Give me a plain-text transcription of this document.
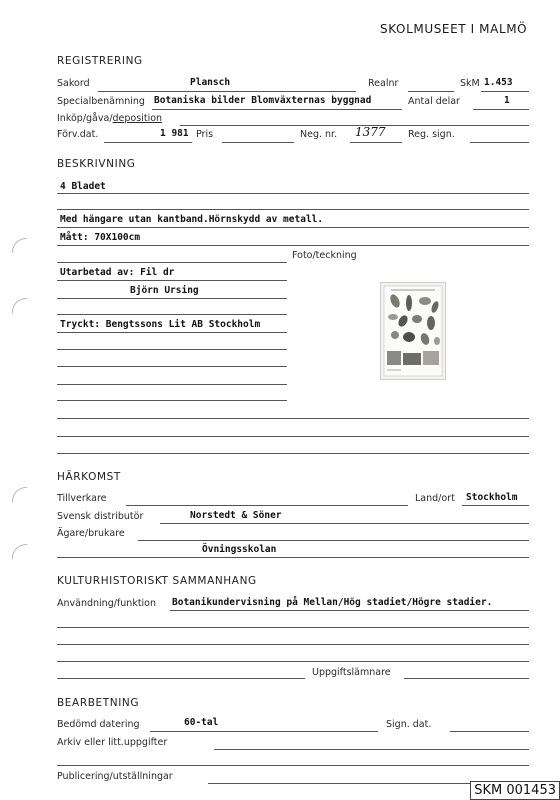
SKOLMUSEET I MALMÖ
REGISTRERING
Sakord	Plansch	Realnr	SkM 1.453
Specialbenämning Botaniska bilder Blomväxternas byggnad	Antal delar	1
Inköp/gåva/deposition
Förv.dat.	1 981 Pris	Neg. nr. 1377 Reg. sign.
BESKRIVNING
4 Bladet
Med hängare utan kantband.Hörnskydd av metall.
Mått: 70X100cm
Foto/teckning
Utarbetad av: Fil dr
Björn Ursing
Tryckt: Bengtssons Lit AB Stockholm
HÄRKOMST
Tillverkare	Land/ort Stockholm
Svensk distributör	Norstedt & Söner
Ägare/brukare
Övningsskolan
KULTURHISTORISKT SAMMANHANG
Användning/funktion Botanikundervisning på Mellan/Hög stadiet/Högre stadier.
Uppgiftslämnare
BEARBETNING
Bedömd datering	60-tal	Sign. dat.
Arkiv eller litt.uppgifter
Publicering/utställningar
SKM 001453
